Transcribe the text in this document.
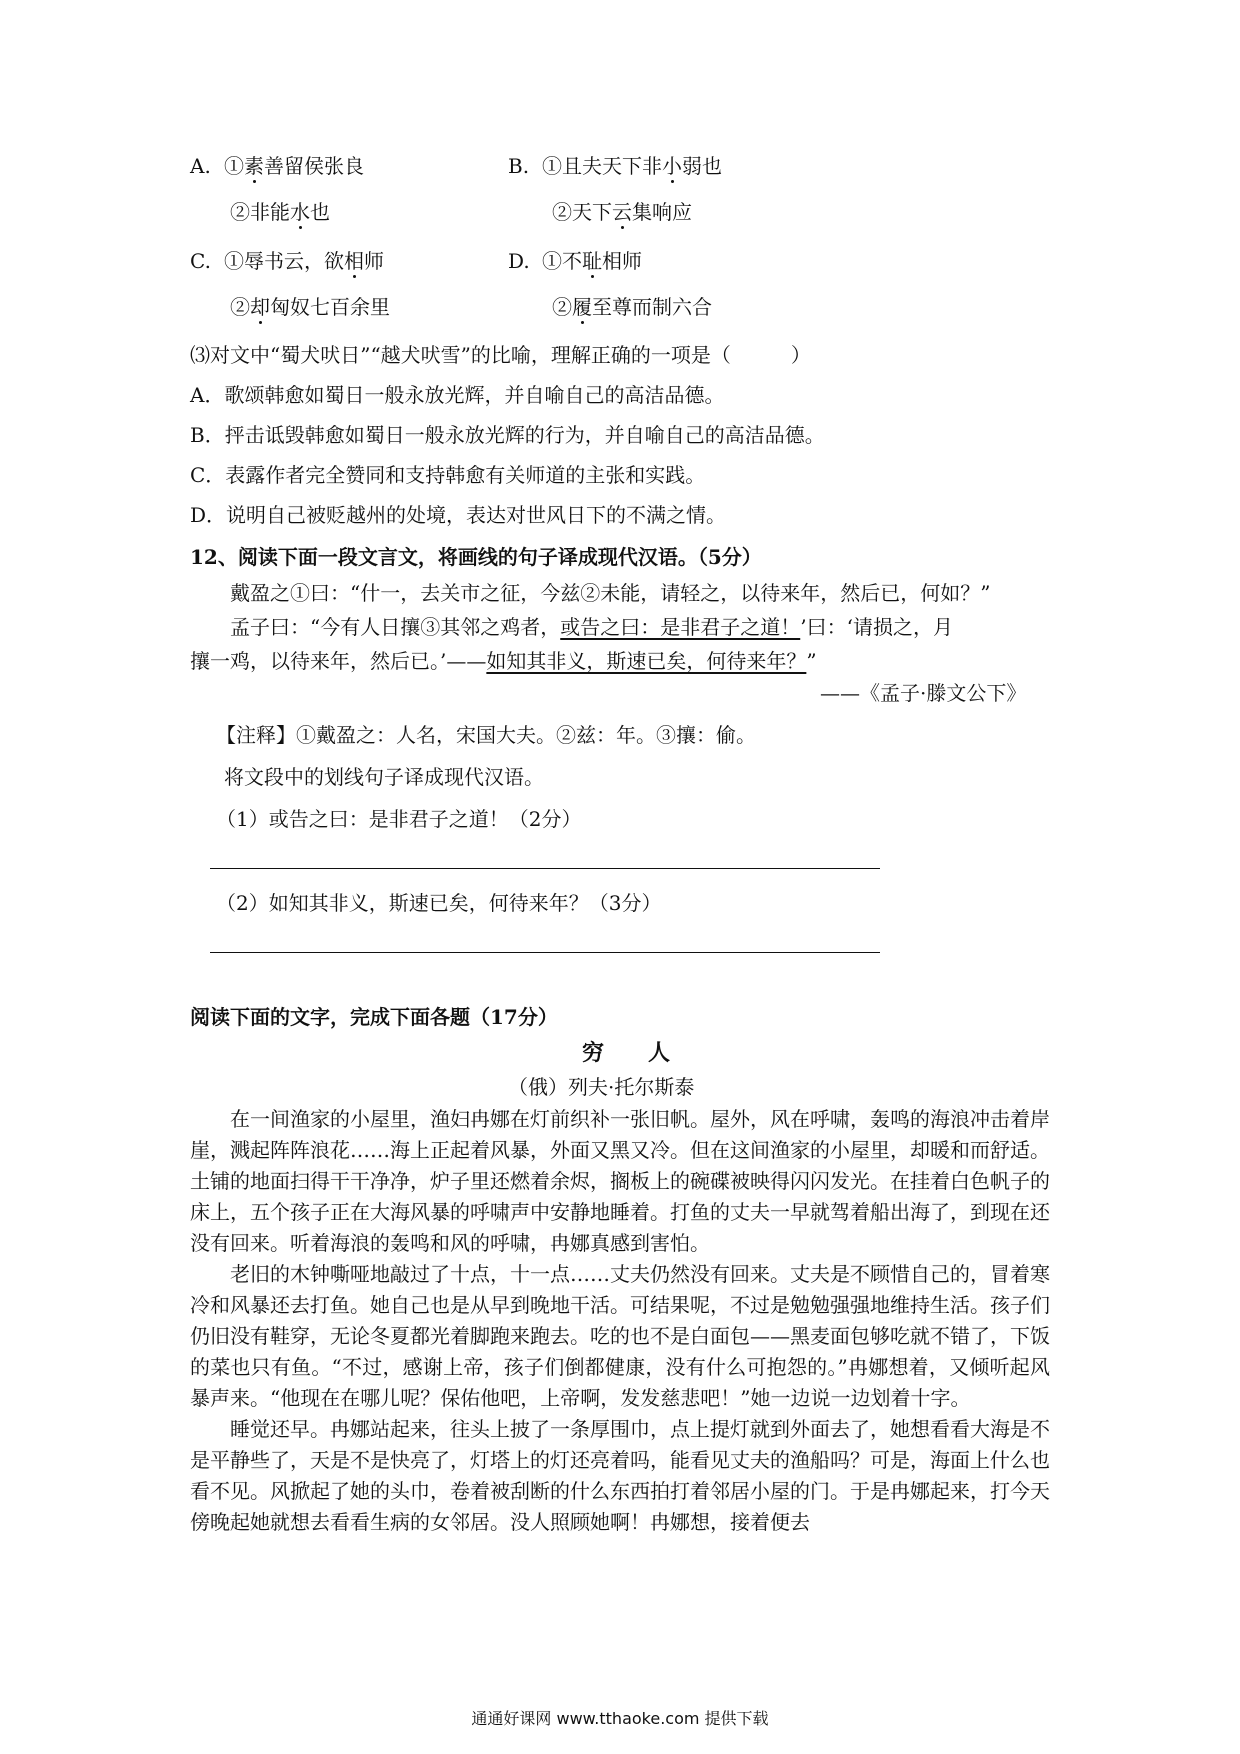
A. ①素善留侯张良	B. ①且夫天下非小弱也
②非能水也	②天下云集响应
C. ①辱书云，欲相师	D. ①不耻相师
②却匈奴七百余里	②履至尊而制六合
⑶对文中“蜀犬吠日”“越犬吠雪”的比喻，理解正确的一项是（　　　）
A．歌颂韩愈如蜀日一般永放光辉，并自喻自己的高洁品德。
B．抨击诋毁韩愈如蜀日一般永放光辉的行为，并自喻自己的高洁品德。
C．表露作者完全赞同和支持韩愈有关师道的主张和实践。
D．说明自己被贬越州的处境，表达对世风日下的不满之情。
12、阅读下面一段文言文，将画线的句子译成现代汉语。（5分）
戴盈之①曰：“什一，去关市之征，今兹②未能，请轻之，以待来年，然后已，何如？”
孟子曰：“今有人日攘③其邻之鸡者，或告之曰：是非君子之道！’曰：‘请损之，月
攘一鸡，以待来年，然后已。’——如知其非义，斯速已矣，何待来年？”
——《孟子·滕文公下》
【注释】①戴盈之：人名，宋国大夫。②兹：年。③攘：偷。
将文段中的划线句子译成现代汉语。
（1）或告之曰：是非君子之道！（2分）
（2）如知其非义，斯速已矣，何待来年？（3分）
阅读下面的文字，完成下面各题（17分）
穷　　人
（俄）列夫·托尔斯泰

在一间渔家的小屋里，渔妇冉娜在灯前织补一张旧帆。屋外，风在呼啸，轰鸣的海浪冲击着岸崖，溅起阵阵浪花……海上正起着风暴，外面又黑又冷。但在这间渔家的小屋里，却暖和而舒适。土铺的地面扫得干干净净，炉子里还燃着余烬，搁板上的碗碟被映得闪闪发光。在挂着白色帆子的床上，五个孩子正在大海风暴的呼啸声中安静地睡着。打鱼的丈夫一早就驾着船出海了，到现在还没有回来。听着海浪的轰鸣和风的呼啸，冉娜真感到害怕。

老旧的木钟嘶哑地敲过了十点，十一点……丈夫仍然没有回来。丈夫是不顾惜自己的，冒着寒冷和风暴还去打鱼。她自己也是从早到晚地干活。可结果呢，不过是勉勉强强地维持生活。孩子们仍旧没有鞋穿，无论冬夏都光着脚跑来跑去。吃的也不是白面包——黑麦面包够吃就不错了，下饭的菜也只有鱼。“不过，感谢上帝，孩子们倒都健康，没有什么可抱怨的。”冉娜想着，又倾听起风暴声来。“他现在在哪儿呢？保佑他吧，上帝啊，发发慈悲吧！”她一边说一边划着十字。

睡觉还早。冉娜站起来，往头上披了一条厚围巾，点上提灯就到外面去了，她想看看大海是不是平静些了，天是不是快亮了，灯塔上的灯还亮着吗，能看见丈夫的渔船吗？可是，海面上什么也看不见。风掀起了她的头巾，卷着被刮断的什么东西拍打着邻居小屋的门。于是冉娜起来，打今天傍晚起她就想去看看生病的女邻居。没人照顾她啊！冉娜想，接着便去

通通好课网 www.tthaoke.com 提供下载
